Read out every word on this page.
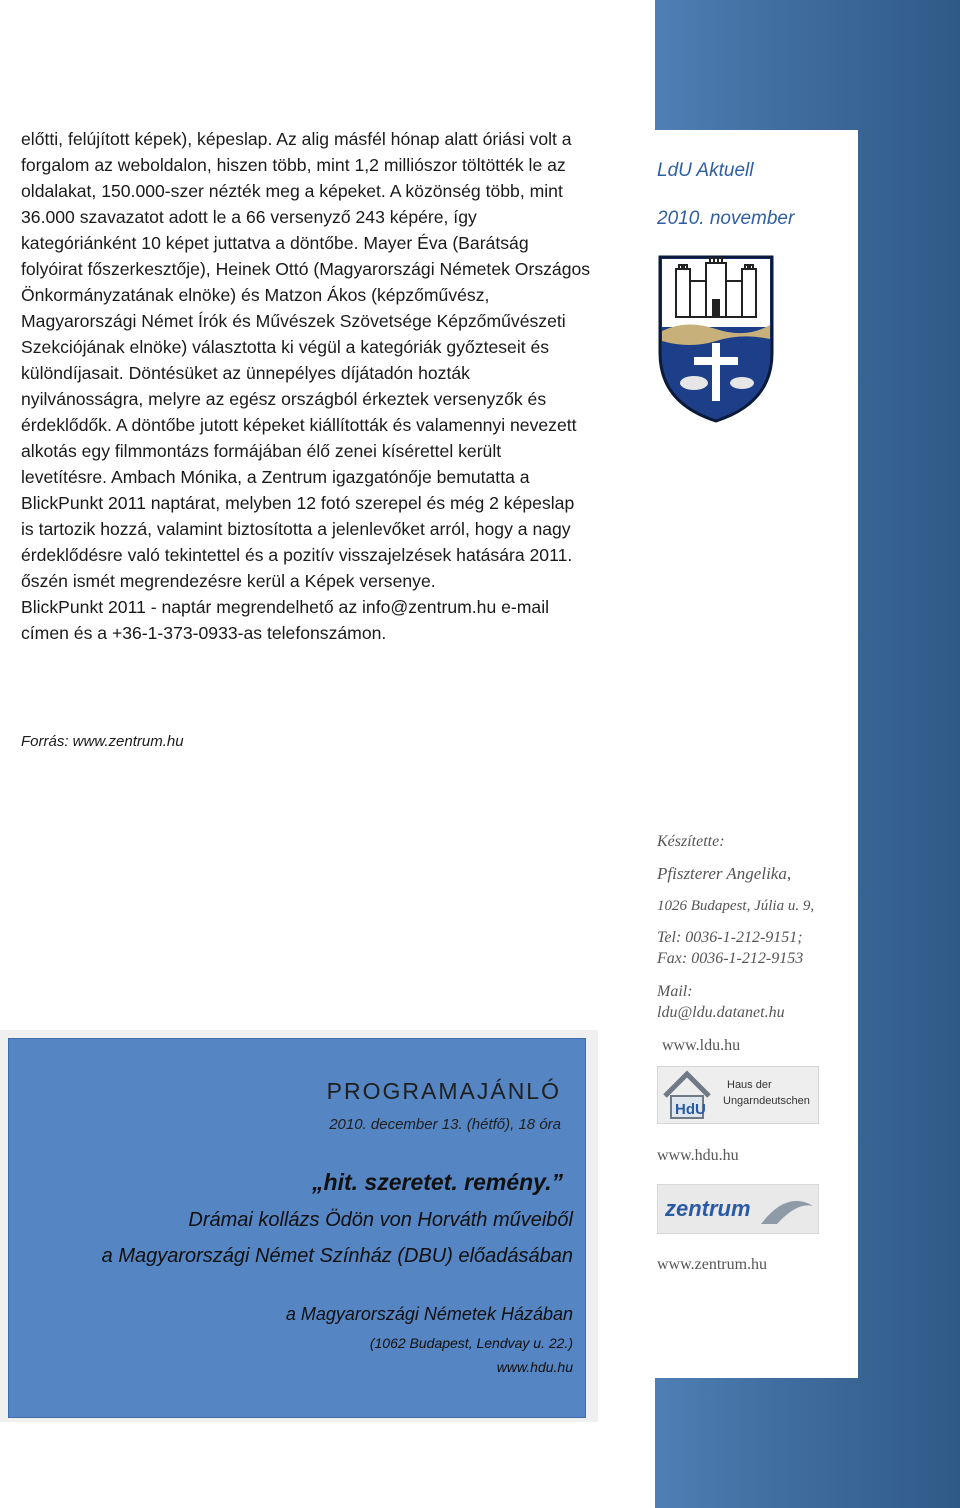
LdU Aktuell
2010. november
Készítette:
Pfiszterer Angelika,
1026 Budapest, Júlia u. 9,
Tel: 0036-1-212-9151;
Fax: 0036-1-212-9153
Mail:
ldu@ldu.datanet.hu
www.ldu.hu
HdU
Haus der
Ungarndeutschen
www.hdu.hu
zentrum
www.zentrum.hu

előtti, felújított képek), képeslap. Az alig másfél hónap alatt óriási volt a forgalom az weboldalon, hiszen több, mint 1,2 milliószor töltötték le az oldalakat, 150.000-szer nézték meg a képeket. A közönség több, mint 36.000 szavazatot adott le a 66 versenyző 243 képére, így kategóriánként 10 képet juttatva a döntőbe. Mayer Éva (Barátság folyóirat főszerkesztője), Heinek Ottó (Magyarországi Németek Országos Önkormányzatának elnöke) és Matzon Ákos (képzőművész, Magyarországi Német Írók és Művészek Szövetsége Képzőművészeti Szekciójának elnöke) választotta ki végül a kategóriák győzteseit és különdíjasait. Döntésüket az ünnepélyes díjátadón hozták nyilvánosságra, melyre az egész országból érkeztek versenyzők és érdeklődők. A döntőbe jutott képeket kiállították és valamennyi nevezett alkotás egy filmmontázs formájában élő zenei kísérettel került levetítésre. Ambach Mónika, a Zentrum igazgatónője bemutatta a BlickPunkt 2011 naptárat, melyben 12 fotó szerepel és még 2 képeslap is tartozik hozzá, valamint biztosította a jelenlevőket arról, hogy a nagy érdeklődésre való tekintettel és a pozitív visszajelzések hatására 2011. őszén ismét megrendezésre kerül a Képek versenye.

BlickPunkt 2011 - naptár megrendelhető az info@zentrum.hu e-mail címen és a +36-1-373-0933-as telefonszámon.

Forrás: www.zentrum.hu
PROGRAMAJÁNLÓ
2010. december 13. (hétfő), 18 óra
„hit. szeretet. remény.”
Drámai kollázs Ödön von Horváth műveiből
a Magyarországi Német Színház (DBU) előadásában
a Magyarországi Németek Házában
(1062 Budapest, Lendvay u. 22.)
www.hdu.hu
